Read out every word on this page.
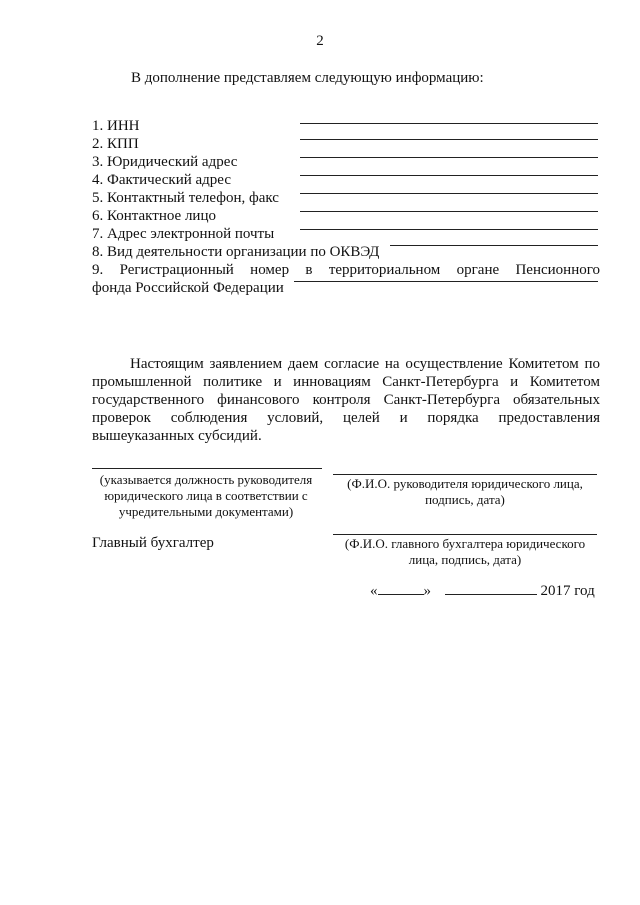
2
В дополнение представляем следующую информацию:
1. ИНН
2. КПП
3. Юридический адрес
4. Фактический адрес
5. Контактный телефон, факс
6. Контактное лицо
7. Адрес электронной почты
8. Вид деятельности организации по ОКВЭД
9. Регистрационный номер в территориальном органе Пенсионного
фонда Российской Федерации
Настоящим заявлением даем согласие на осуществление Комитетом по промышленной политике и инновациям Санкт-Петербурга и Комитетом государственного финансового контроля Санкт-Петербурга обязательных проверок соблюдения условий, целей и порядка предоставления вышеуказанных субсидий.
(указывается должность руководителя юридического лица в соответствии с учредительными документами)
(Ф.И.О. руководителя юридического лица, подпись, дата)
Главный бухгалтер	(Ф.И.О. главного бухгалтера юридического лица, подпись, дата)
«	»	2017 год
